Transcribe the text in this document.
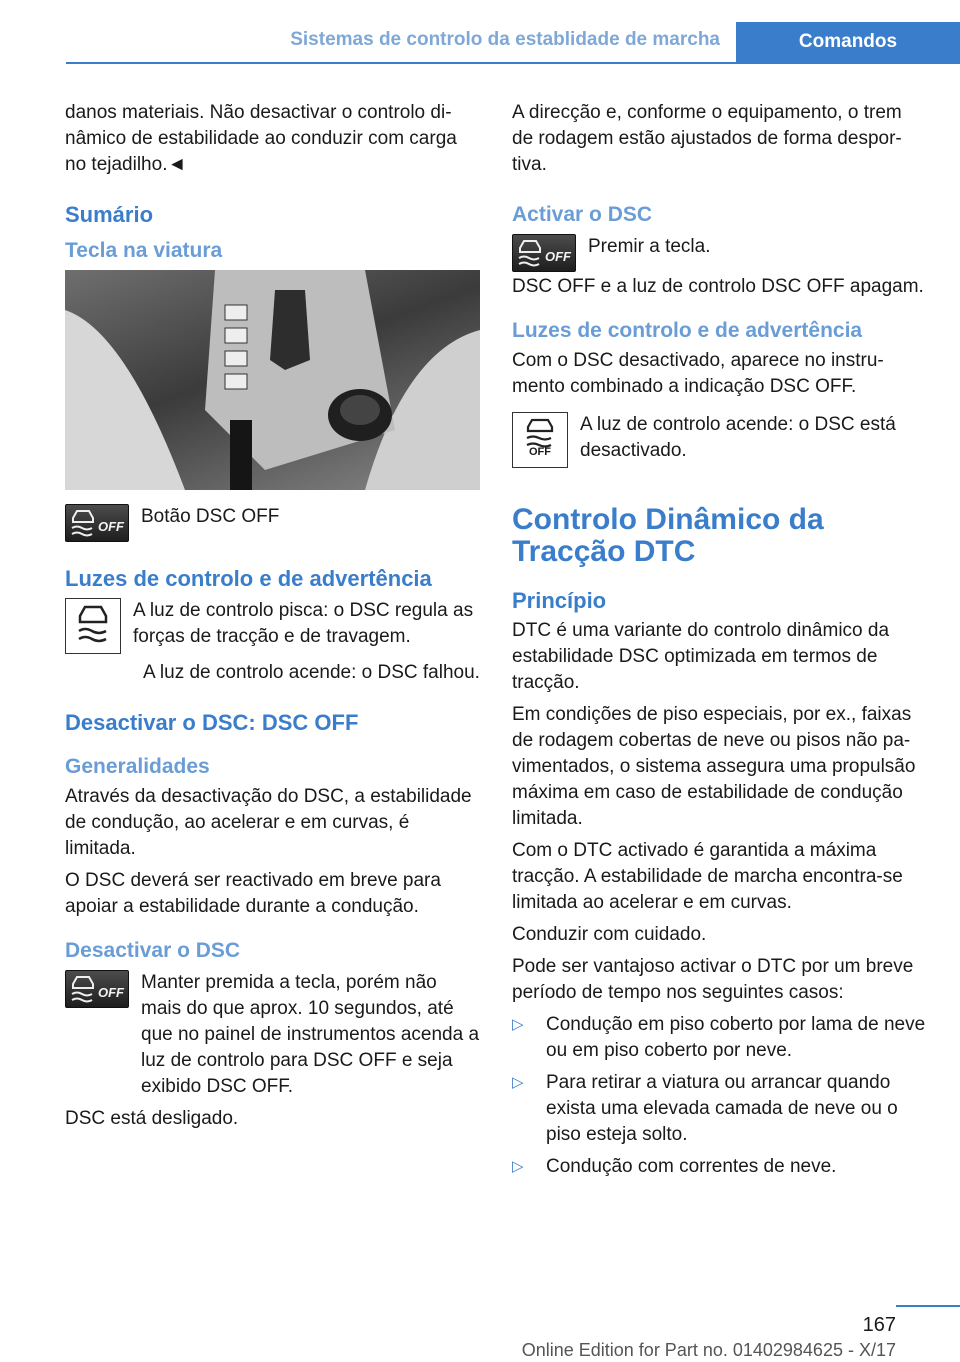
Sistemas de controlo da establidade de marcha	Comandos

danos materiais. Não desactivar o controlo dinâmico de estabilidade ao conduzir com carga no tejadilho.◄

Sumário
Tecla na viatura
OFF Botão DSC OFF
Luzes de controlo e de advertência

A luz de controlo pisca: o DSC regula as forças de tracção e de travagem.

A luz de controlo acende: o DSC falhou.

Desactivar o DSC: DSC OFF
Generalidades

Através da desactivação do DSC, a estabilidade de condução, ao acelerar e em curvas, é limitada.

O DSC deverá ser reactivado em breve para apoiar a estabilidade durante a condução.

Desactivar o DSC
OFF Manter premida a tecla, porém não mais do que aprox. 10 segundos, até que no painel de instrumentos acenda a luz de controlo para DSC OFF e seja exibido DSC OFF.

DSC está desligado.

A direcção e, conforme o equipamento, o trem de rodagem estão ajustados de forma desportiva.

Activar o DSC
OFF Premir a tecla.

DSC OFF e a luz de controlo DSC OFF apagam.

Luzes de controlo e de advertência

Com o DSC desactivado, aparece no instrumento combinado a indicação DSC OFF.

OFF
A luz de controlo acende: o DSC está desactivado.
Controlo Dinâmico da Tracção DTC
Princípio

DTC é uma variante do controlo dinâmico da estabilidade DSC optimizada em termos de tracção.

Em condições de piso especiais, por ex., faixas de rodagem cobertas de neve ou pisos não pavimentados, o sistema assegura uma propulsão máxima em caso de estabilidade de condução limitada.

Com o DTC activado é garantida a máxima tracção. A estabilidade de marcha encontra-se limitada ao acelerar e em curvas.

Conduzir com cuidado.

Pode ser vantajoso activar o DTC por um breve período de tempo nos seguintes casos:

▷ Condução em piso coberto por lama de neve ou em piso coberto por neve.
▷ Para retirar a viatura ou arrancar quando exista uma elevada camada de neve ou o piso esteja solto.
▷ Condução com correntes de neve.
167
Online Edition for Part no. 01402984625 - X/17
